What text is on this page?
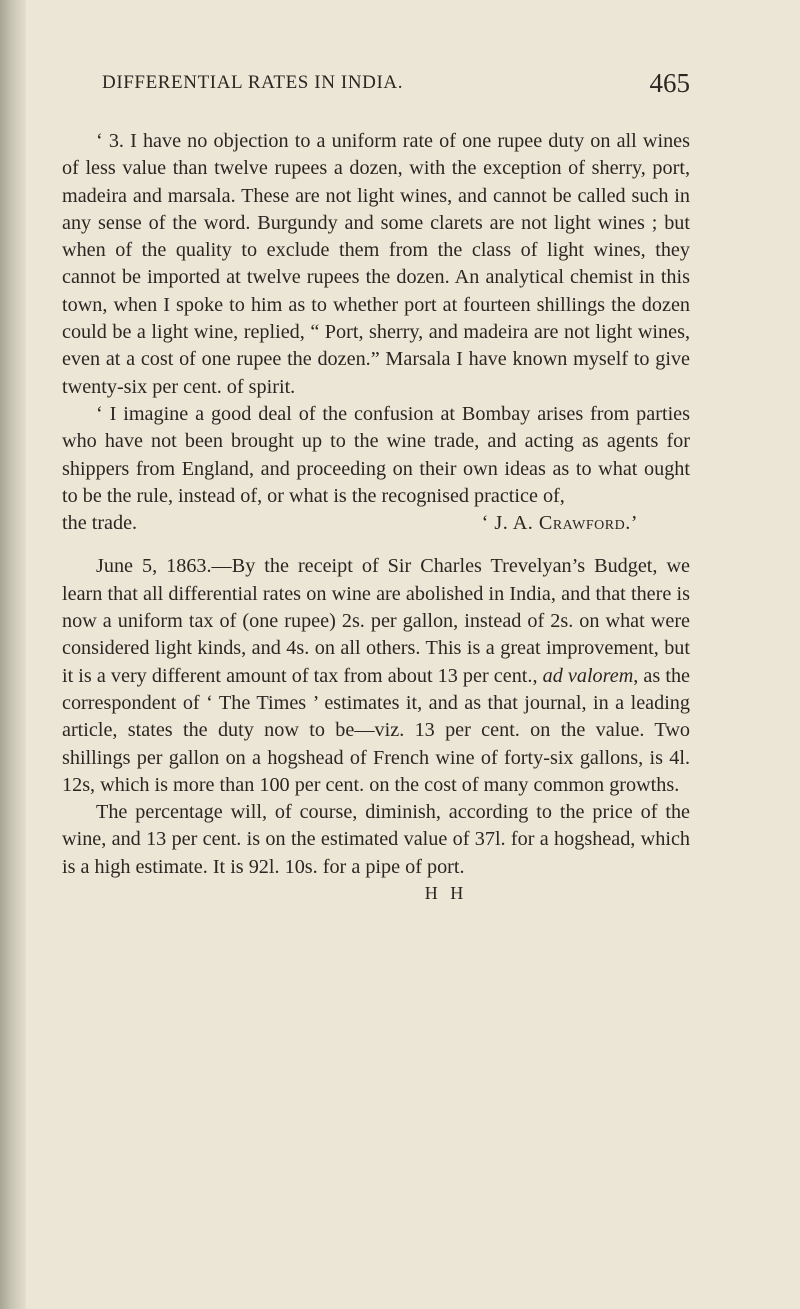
DIFFERENTIAL RATES IN INDIA.	465

‘ 3. I have no objection to a uniform rate of one rupee duty on all wines of less value than twelve rupees a dozen, with the exception of sherry, port, madeira and marsala. These are not light wines, and cannot be called such in any sense of the word. Burgundy and some clarets are not light wines ; but when of the quality to exclude them from the class of light wines, they cannot be imported at twelve rupees the dozen. An analytical chemist in this town, when I spoke to him as to whether port at fourteen shillings the dozen could be a light wine, replied, “ Port, sherry, and madeira are not light wines, even at a cost of one rupee the dozen.” Marsala I have known myself to give twenty-six per cent. of spirit.

‘ I imagine a good deal of the confusion at Bombay arises from parties who have not been brought up to the wine trade, and acting as agents for shippers from England, and proceeding on their own ideas as to what ought to be the rule, instead of, or what is the recognised practice of,

the trade.	‘ J. A. Crawford.’

June 5, 1863.—By the receipt of Sir Charles Trevelyan’s Budget, we learn that all differential rates on wine are abolished in India, and that there is now a uniform tax of (one rupee) 2s. per gallon, instead of 2s. on what were considered light kinds, and 4s. on all others. This is a great improvement, but it is a very different amount of tax from about 13 per cent., ad valorem, as the correspondent of ‘ The Times ’ estimates it, and as that journal, in a leading article, states the duty now to be—viz. 13 per cent. on the value. Two shillings per gallon on a hogshead of French wine of forty-six gallons, is 4l. 12s, which is more than 100 per cent. on the cost of many common growths.

The percentage will, of course, diminish, according to the price of the wine, and 13 per cent. is on the estimated value of 37l. for a hogshead, which is a high estimate. It is 92l. 10s. for a pipe of port.

H H
